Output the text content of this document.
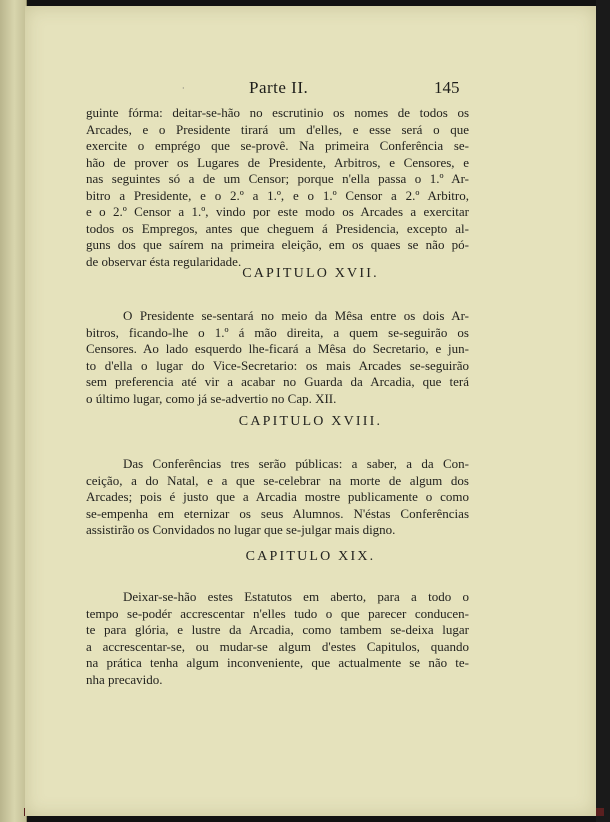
·	Parte II.	145
guinte fórma: deitar-se-hão no escrutinio os nomes de todos os
Arcades, e o Presidente tirará um d'elles, e esse será o que
exercite o emprégo que se-provê. Na primeira Conferência se-
hão de prover os Lugares de Presidente, Arbitros, e Censores, e
nas seguintes só a de um Censor; porque n'ella passa o 1.º Ar-
bitro a Presidente, e o 2.º a 1.º, e o 1.º Censor a 2.º Arbitro,
e o 2.º Censor a 1.º, vindo por este modo os Arcades a exercitar
todos os Empregos, antes que cheguem á Presidencia, excepto al-
guns dos que saírem na primeira eleição, em os quaes se não pó-
de observar ésta regularidade.
CAPITULO XVII.
O Presidente se-sentará no meio da Mêsa entre os dois Ar-
bitros, ficando-lhe o 1.º á mão direita, a quem se-seguirão os
Censores. Ao lado esquerdo lhe-ficará a Mêsa do Secretario, e jun-
to d'ella o lugar do Vice-Secretario: os mais Arcades se-seguirão
sem preferencia até vir a acabar no Guarda da Arcadia, que terá
o último lugar, como já se-advertio no Cap. XII.
CAPITULO XVIII.
Das Conferências tres serão públicas: a saber, a da Con-
ceição, a do Natal, e a que se-celebrar na morte de algum dos
Arcades; pois é justo que a Arcadia mostre publicamente o como
se-empenha em eternizar os seus Alumnos. N'éstas Conferências
assistirão os Convidados no lugar que se-julgar mais digno.
CAPITULO XIX.
Deixar-se-hão estes Estatutos em aberto, para a todo o
tempo se-podér accrescentar n'elles tudo o que parecer conducen-
te para glória, e lustre da Arcadia, como tambem se-deixa lugar
a accrescentar-se, ou mudar-se algum d'estes Capitulos, quando
na prática tenha algum inconveniente, que actualmente se não te-
nha precavido.
